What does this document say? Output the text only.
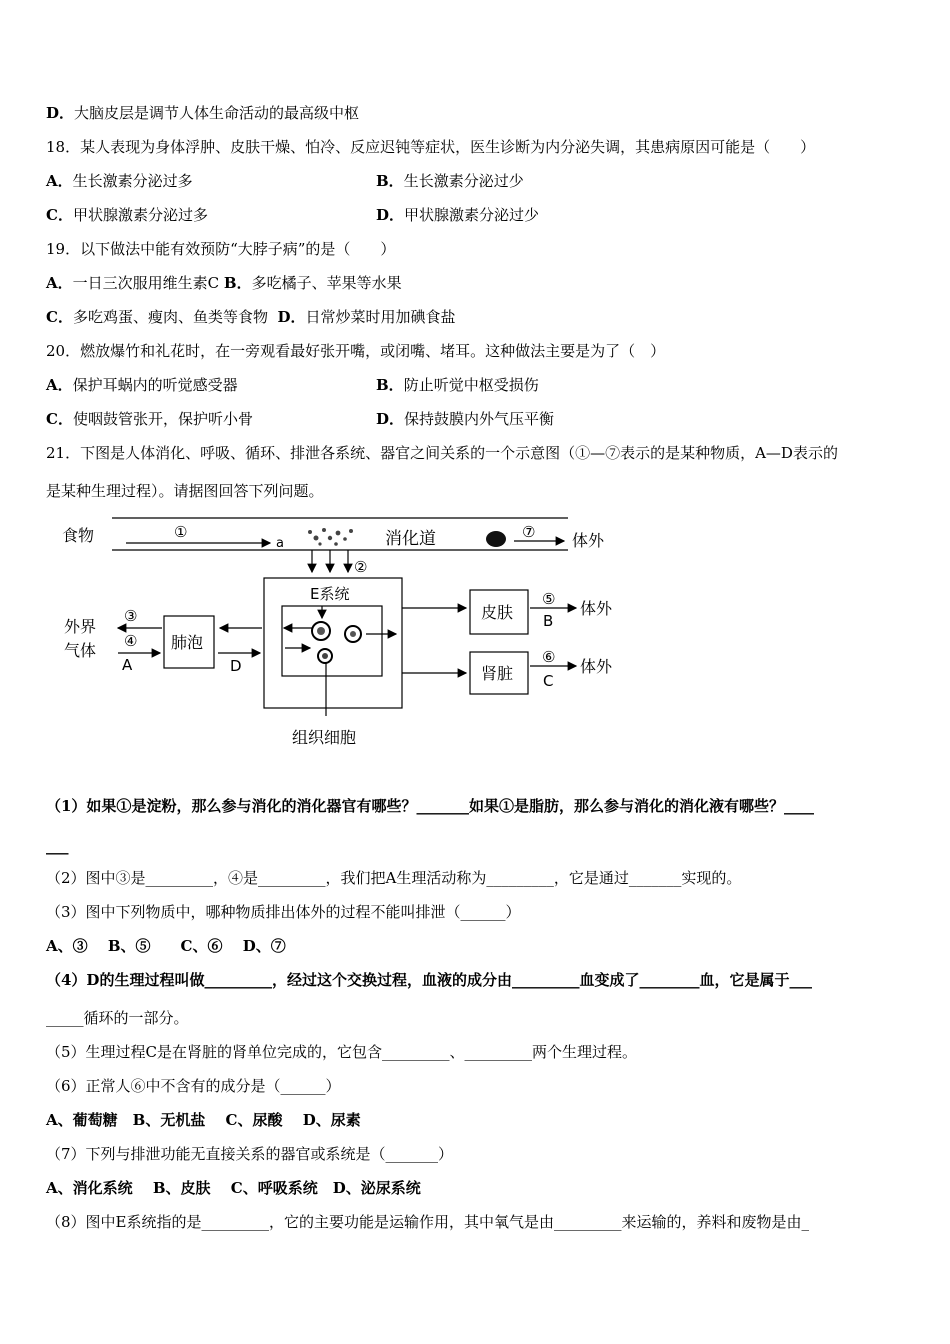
D．大脑皮层是调节人体生命活动的最高级中枢
18．某人表现为身体浮肿、皮肤干燥、怕冷、反应迟钝等症状，医生诊断为内分泌失调，其患病原因可能是（　　）
A．生长激素分泌过多	B．生长激素分泌过少
C．甲状腺激素分泌过多	D．甲状腺激素分泌过少
19．以下做法中能有效预防“大脖子病”的是（　　）
A．一日三次服用维生素C B．多吃橘子、苹果等水果
C．多吃鸡蛋、瘦肉、鱼类等食物 D．日常炒菜时用加碘食盐
20．燃放爆竹和礼花时，在一旁观看最好张开嘴，或闭嘴、堵耳。这种做法主要是为了（　）
A．保护耳蜗内的听觉感受器	B．防止听觉中枢受损伤
C．使咽鼓管张开，保护听小骨	D．保持鼓膜内外气压平衡
21．下图是人体消化、呼吸、循环、排泄各系统、器官之间关系的一个示意图（①—⑦表示的是某种物质，A—D表示的
是某种生理过程）。请据图回答下列问题。
食物	①
a	消化道	⑦ 体外
②
E系统
组织细胞
肺泡
D
③
④
A
外界
气体
皮肤
肾脏
⑤
B
体外
⑥
C
体外
（1）如果①是淀粉，那么参与消化的消化器官有哪些？_______如果①是脂肪，那么参与消化的消化液有哪些？____
___
（2）图中③是_________，④是_________，我们把A生理活动称为_________，它是通过_______实现的。
（3）图中下列物质中，哪种物质排出体外的过程不能叫排泄（______）
A、③　 B、⑤　　C、⑥　 D、⑦
（4）D的生理过程叫做_________，经过这个交换过程，血液的成分由_________血变成了________血，它是属于___
_____循环的一部分。
（5）生理过程C是在肾脏的肾单位完成的，它包含_________、_________两个生理过程。
（6）正常人⑥中不含有的成分是（______）
A、葡萄糖　B、无机盐　 C、尿酸　 D、尿素
（7）下列与排泄功能无直接关系的器官或系统是（_______）
A、消化系统　 B、皮肤　 C、呼吸系统　D、泌尿系统
（8）图中E系统指的是_________，它的主要功能是运输作用，其中氧气是由_________来运输的，养料和废物是由_
